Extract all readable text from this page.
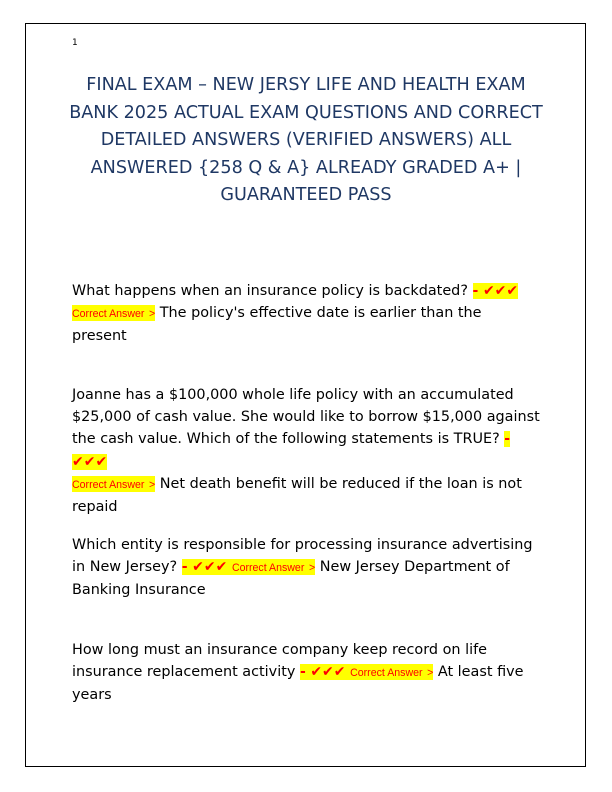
1
FINAL EXAM – NEW JERSY LIFE AND HEALTH EXAM BANK 2025 ACTUAL EXAM QUESTIONS AND CORRECT DETAILED ANSWERS (VERIFIED ANSWERS) ALL ANSWERED {258 Q & A} ALREADY GRADED A+ | GUARANTEED PASS
What happens when an insurance policy is backdated? - ✔✔✔
Correct Answer > The policy's effective date is earlier than the present
Joanne has a $100,000 whole life policy with an accumulated $25,000 of cash value. She would like to borrow $15,000 against the cash value. Which of the following statements is TRUE? - ✔✔✔
Correct Answer > Net death benefit will be reduced if the loan is not repaid
Which entity is responsible for processing insurance advertising in New Jersey? - ✔✔✔ Correct Answer > New Jersey Department of Banking Insurance
How long must an insurance company keep record on life insurance replacement activity - ✔✔✔ Correct Answer > At least five years
